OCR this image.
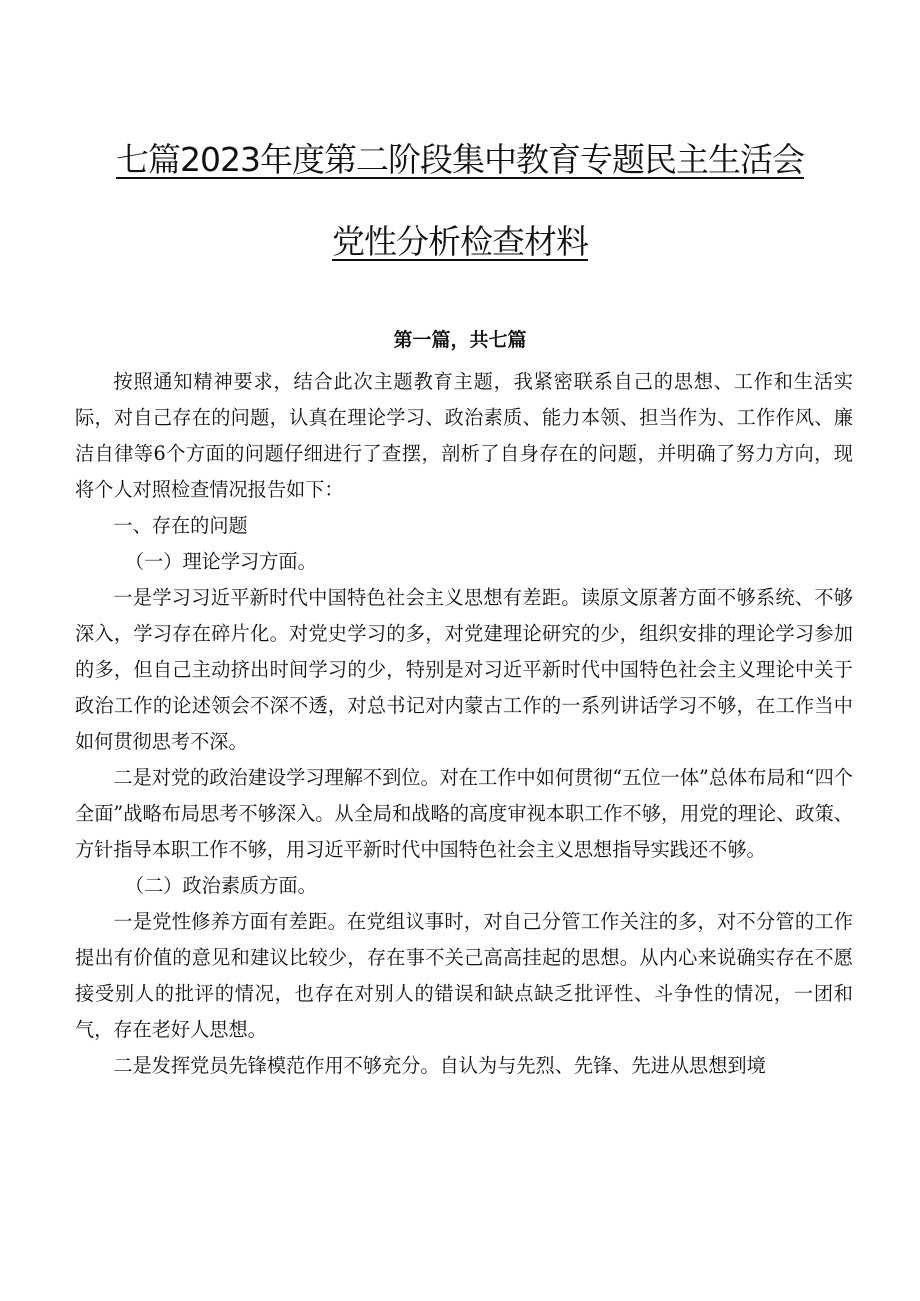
七篇2023年度第二阶段集中教育专题民主生活会
党性分析检查材料
第一篇，共七篇

按照通知精神要求，结合此次主题教育主题，我紧密联系自己的思想、工作和生活实际，对自己存在的问题，认真在理论学习、政治素质、能力本领、担当作为、工作作风、廉洁自律等6个方面的问题仔细进行了查摆，剖析了自身存在的问题，并明确了努力方向，现将个人对照检查情况报告如下：

一、存在的问题

（一）理论学习方面。

一是学习习近平新时代中国特色社会主义思想有差距。读原文原著方面不够系统、不够深入，学习存在碎片化。对党史学习的多，对党建理论研究的少，组织安排的理论学习参加的多，但自己主动挤出时间学习的少，特别是对习近平新时代中国特色社会主义理论中关于政治工作的论述领会不深不透，对总书记对内蒙古工作的一系列讲话学习不够，在工作当中如何贯彻思考不深。

二是对党的政治建设学习理解不到位。对在工作中如何贯彻“五位一体”总体布局和“四个全面”战略布局思考不够深入。从全局和战略的高度审视本职工作不够，用党的理论、政策、方针指导本职工作不够，用习近平新时代中国特色社会主义思想指导实践还不够。

（二）政治素质方面。

一是党性修养方面有差距。在党组议事时，对自己分管工作关注的多，对不分管的工作提出有价值的意见和建议比较少，存在事不关己高高挂起的思想。从内心来说确实存在不愿接受别人的批评的情况，也存在对别人的错误和缺点缺乏批评性、斗争性的情况，一团和气，存在老好人思想。

二是发挥党员先锋模范作用不够充分。自认为与先烈、先锋、先进从思想到境
